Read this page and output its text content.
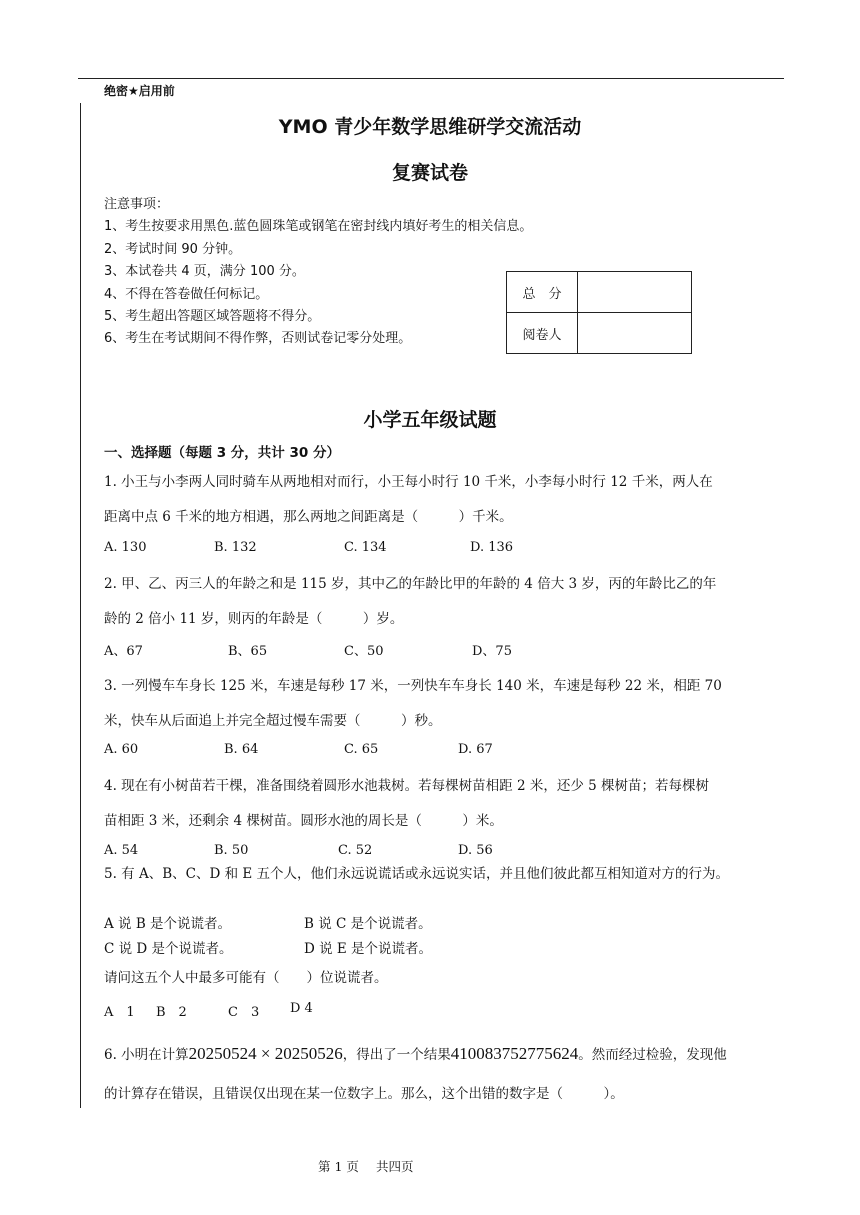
绝密★启用前
YMO 青少年数学思维研学交流活动
复赛试卷
注意事项：
1、考生按要求用黑色.蓝色圆珠笔或钢笔在密封线内填好考生的相关信息。
2、考试时间 90 分钟。
3、本试卷共 4 页，满分 100 分。
4、不得在答卷做任何标记。
5、考生超出答题区域答题将不得分。
6、考生在考试期间不得作弊，否则试卷记零分处理。
总　分	
阅卷人	
小学五年级试题
一、选择题（每题 3 分，共计 30 分）
1. 小王与小李两人同时骑车从两地相对而行，小王每小时行 10 千米，小李每小时行 12 千米，两人在
距离中点 6 千米的地方相遇，那么两地之间距离是（　　　）千米。
A. 130	B. 132	C. 134	D. 136
2. 甲、乙、丙三人的年龄之和是 115 岁，其中乙的年龄比甲的年龄的 4 倍大 3 岁，丙的年龄比乙的年
龄的 2 倍小 11 岁，则丙的年龄是（　　　）岁。
A、67	B、65	C、50	D、75
3. 一列慢车车身长 125 米，车速是每秒 17 米，一列快车车身长 140 米，车速是每秒 22 米，相距 70
米，快车从后面追上并完全超过慢车需要（　　　）秒。
A. 60	B. 64	C. 65	D. 67
4. 现在有小树苗若干棵，准备围绕着圆形水池栽树。若每棵树苗相距 2 米，还少 5 棵树苗；若每棵树
苗相距 3 米，还剩余 4 棵树苗。圆形水池的周长是（　　　）米。
A. 54	B. 50	C. 52	D. 56
5. 有 A、B、C、D 和 E 五个人，他们永远说谎话或永远说实话，并且他们彼此都互相知道对方的行为。
A 说 B 是个说谎者。	B 说 C 是个说谎者。
C 说 D 是个说谎者。	D 说 E 是个说谎者。
请问这五个人中最多可能有（　　）位说谎者。
A　1 B　2	C　3 D 4
6. 小明在计算20250524 × 20250526，得出了一个结果410083752775624。然而经过检验，发现他
的计算存在错误，且错误仅出现在某一位数字上。那么，这个出错的数字是（　　　）。
第 1 页 共四页
